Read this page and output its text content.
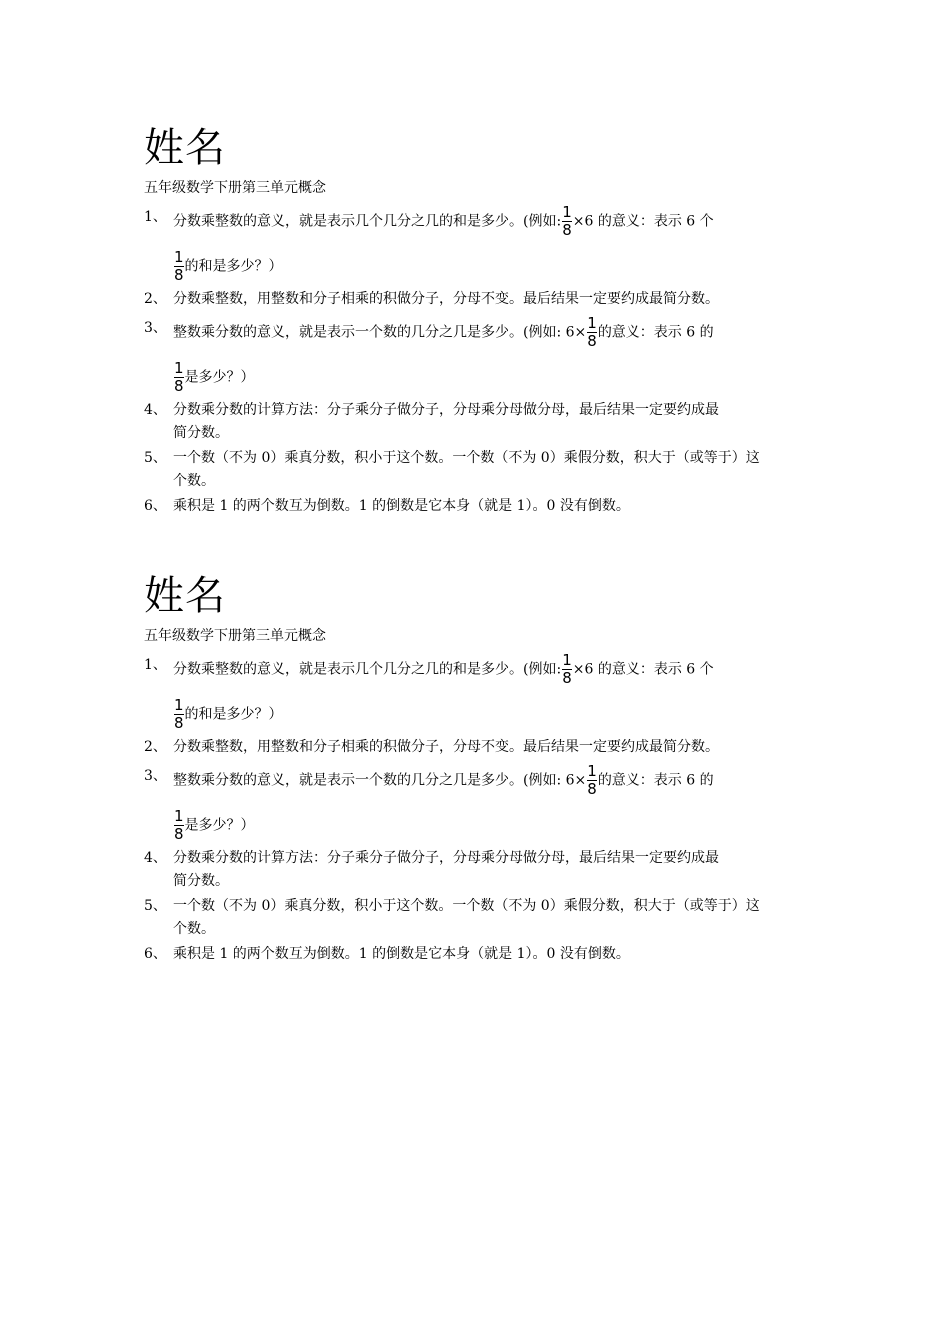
姓名
五年级数学下册第三单元概念
1、 分数乘整数的意义，就是表示几个几分之几的和是多少。(例如: $\frac{1}{8} \times 6$ 的意义：表示 6 个
$\frac{1}{8}$ 的和是多少？）
2、 分数乘整数，用整数和分子相乘的积做分子，分母不变。最后结果一定要约成最简分数。
3、 整数乘分数的意义，就是表示一个数的几分之几是多少。(例如: $6\times \frac{1}{8}$ 的意义：表示 6 的
$\frac{1}{8}$ 是多少？）
4、 分数乘分数的计算方法：分子乘分子做分子，分母乘分母做分母，最后结果一定要约成最
简分数。
5、 一个数（不为 0）乘真分数，积小于这个数。一个数（不为 0）乘假分数，积大于（或等于）这
个数。
6、 乘积是 1 的两个数互为倒数。1 的倒数是它本身（就是 1）。0 没有倒数。
姓名
五年级数学下册第三单元概念
1、 分数乘整数的意义，就是表示几个几分之几的和是多少。(例如: $\frac{1}{8} \times 6$ 的意义：表示 6 个
$\frac{1}{8}$ 的和是多少？）
2、 分数乘整数，用整数和分子相乘的积做分子，分母不变。最后结果一定要约成最简分数。
3、 整数乘分数的意义，就是表示一个数的几分之几是多少。(例如: $6\times \frac{1}{8}$ 的意义：表示 6 的
$\frac{1}{8}$ 是多少？）
4、 分数乘分数的计算方法：分子乘分子做分子，分母乘分母做分母，最后结果一定要约成最
简分数。
5、 一个数（不为 0）乘真分数，积小于这个数。一个数（不为 0）乘假分数，积大于（或等于）这
个数。
6、 乘积是 1 的两个数互为倒数。1 的倒数是它本身（就是 1）。0 没有倒数。
